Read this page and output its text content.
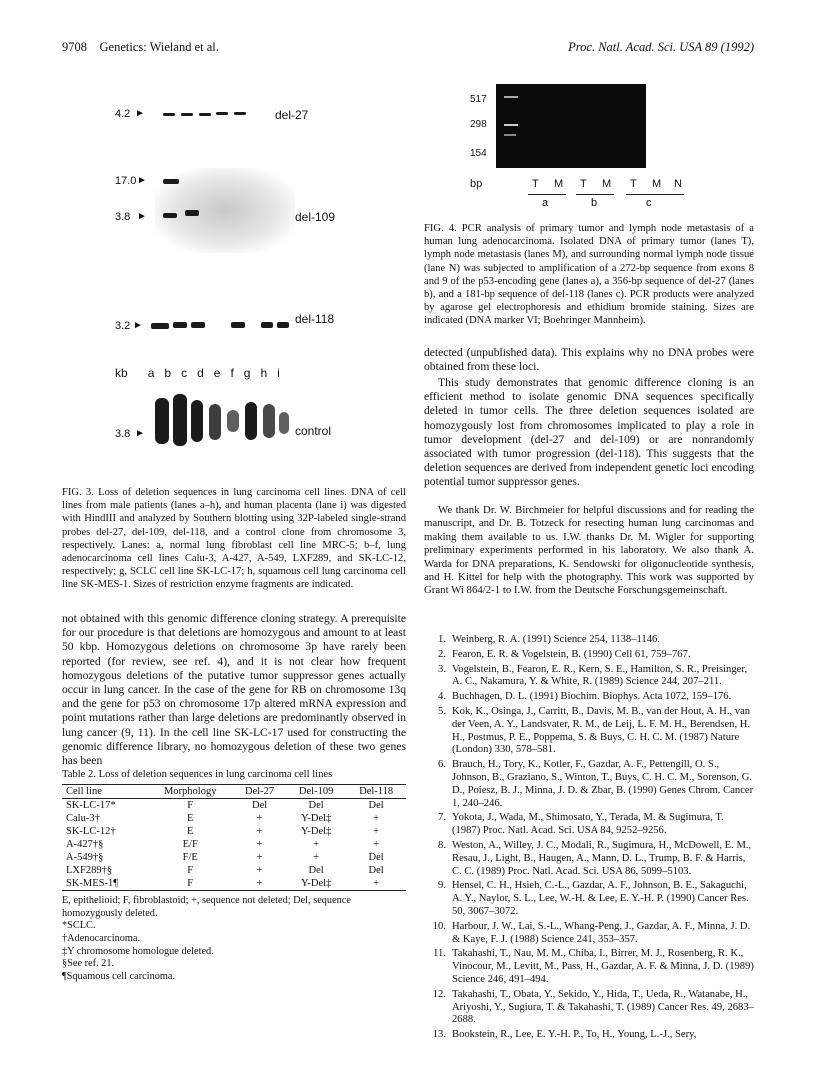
9708    Genetics: Wieland et al.	Proc. Natl. Acad. Sci. USA 89 (1992)
4.2 ►	del-27
17.0 ►
3.8 ►	del-109
3.2 ►	del-118
kb a b c d e f g h i
3.8 ►	control
FIG. 3. Loss of deletion sequences in lung carcinoma cell lines. DNA of cell lines from male patients (lanes a–h), and human placenta (lane i) was digested with HindIII and analyzed by Southern blotting using 32P-labeled single-strand probes del-27, del-109, del-118, and a control clone from chromosome 3, respectively. Lanes: a, normal lung fibroblast cell line MRC-5; b–f, lung adenocarcinoma cell lines Calu-3, A-427, A-549, LXF289, and SK-LC-12, respectively; g, SCLC cell line SK-LC-17; h, squamous cell lung carcinoma cell line SK-MES-1. Sizes of restriction enzyme fragments are indicated.
not obtained with this genomic difference cloning strategy. A prerequisite for our procedure is that deletions are homozygous and amount to at least 50 kbp. Homozygous deletions on chromosome 3p have rarely been reported (for review, see ref. 4), and it is not clear how frequent homozygous deletions of the putative tumor suppressor genes actually occur in lung cancer. In the case of the gene for RB on chromosome 13q and the gene for p53 on chromosome 17p altered mRNA expression and point mutations rather than large deletions are predominantly observed in lung cancer (9, 11). In the cell line SK-LC-17 used for constructing the genomic difference library, no homozygous deletion of these two genes has been
Table 2. Loss of deletion sequences in lung carcinoma cell lines
Cell line	Morphology	Del-27	Del-109	Del-118
SK-LC-17*	F	Del	Del	Del
Calu-3†	E	+	Y-Del‡	+
SK-LC-12†	E	+	Y-Del‡	+
A-427†§	E/F	+	+	+
A-549†§	F/E	+	+	Del
LXF289†§	F	+	Del	Del
SK-MES-1¶	F	+	Y-Del‡	+
E, epithelioid; F, fibroblastoid; +, sequence not deleted; Del, sequence homozygously deleted.
*SCLC.
†Adenocarcinoma.
‡Y chromosome homologue deleted.
§See ref. 21.
¶Squamous cell carcinoma.
517
298
154
bp	T M T M T M N
a	b	c
FIG. 4. PCR analysis of primary tumor and lymph node metastasis of a human lung adenocarcinoma. Isolated DNA of primary tumor (lanes T), lymph node metastasis (lanes M), and surrounding normal lymph node tissue (lane N) was subjected to amplification of a 272-bp sequence from exons 8 and 9 of the p53-encoding gene (lanes a), a 356-bp sequence of del-27 (lanes b), and a 181-bp sequence of del-118 (lanes c). PCR products were analyzed by agarose gel electrophoresis and ethidium bromide staining. Sizes are indicated (DNA marker VI; Boehringer Mannheim).
detected (unpublished data). This explains why no DNA probes were obtained from these loci.
This study demonstrates that genomic difference cloning is an efficient method to isolate genomic DNA sequences specifically deleted in tumor cells. The three deletion sequences isolated are homozygously lost from chromosomes implicated to play a role in tumor development (del-27 and del-109) or are nonrandomly associated with tumor progression (del-118). This suggests that the deletion sequences are derived from independent genetic loci encoding potential tumor suppressor genes.
We thank Dr. W. Birchmeier for helpful discussions and for reading the manuscript, and Dr. B. Totzeck for resecting human lung carcinomas and making them available to us. I.W. thanks Dr. M. Wigler for supporting preliminary experiments performed in his laboratory. We also thank A. Warda for DNA preparations, K. Sendowski for oligonucleotide synthesis, and H. Kittel for help with the photography. This work was supported by Grant Wi 864/2-1 to I.W. from the Deutsche Forschungsgemeinschaft.
1. Weinberg, R. A. (1991) Science 254, 1138–1146.
2. Fearon, E. R. & Vogelstein, B. (1990) Cell 61, 759–767.
3. Vogelstein, B., Fearon, E. R., Kern, S. E., Hamilton, S. R., Preisinger, A. C., Nakamura, Y. & White, R. (1989) Science 244, 207–211.
4. Buchhagen, D. L. (1991) Biochim. Biophys. Acta 1072, 159–176.
5. Kok, K., Osinga, J., Carritt, B., Davis, M. B., van der Hout, A. H., van der Veen, A. Y., Landsvater, R. M., de Leij, L. F. M. H., Berendsen, H. H., Postmus, P. E., Poppema, S. & Buys, C. H. C. M. (1987) Nature (London) 330, 578–581.
6. Brauch, H., Tory, K., Kotler, F., Gazdar, A. F., Pettengill, O. S., Johnson, B., Graziano, S., Winton, T., Buys, C. H. C. M., Sorenson, G. D., Poiesz, B. J., Minna, J. D. & Zbar, B. (1990) Genes Chrom. Cancer 1, 240–246.
7. Yokota, J., Wada, M., Shimosato, Y., Terada, M. & Sugimura, T. (1987) Proc. Natl. Acad. Sci. USA 84, 9252–9256.
8. Weston, A., Willey, J. C., Modali, R., Sugimura, H., McDowell, E. M., Resau, J., Light, B., Haugen, A., Mann, D. L., Trump, B. F. & Harris, C. C. (1989) Proc. Natl. Acad. Sci. USA 86, 5099–5103.
9. Hensel, C. H., Hsieh, C.-L., Gazdar, A. F., Johnson, B. E., Sakaguchi, A. Y., Naylor, S. L., Lee, W.-H. & Lee, E. Y.-H. P. (1990) Cancer Res. 50, 3067–3072.
10. Harbour, J. W., Lai, S.-L., Whang-Peng, J., Gazdar, A. F., Minna, J. D. & Kaye, F. J. (1988) Science 241, 353–357.
11. Takahashi, T., Nau, M. M., Chiba, I., Birrer, M. J., Rosenberg, R. K., Vinocour, M., Levitt, M., Pass, H., Gazdar, A. F. & Minna, J. D. (1989) Science 246, 491–494.
12. Takahashi, T., Obata, Y., Sekido, Y., Hida, T., Ueda, R., Watanabe, H., Ariyoshi, Y., Sugiura, T. & Takahashi, T. (1989) Cancer Res. 49, 2683–2688.
13. Bookstein, R., Lee, E. Y.-H. P., To, H., Young, L.-J., Sery,
